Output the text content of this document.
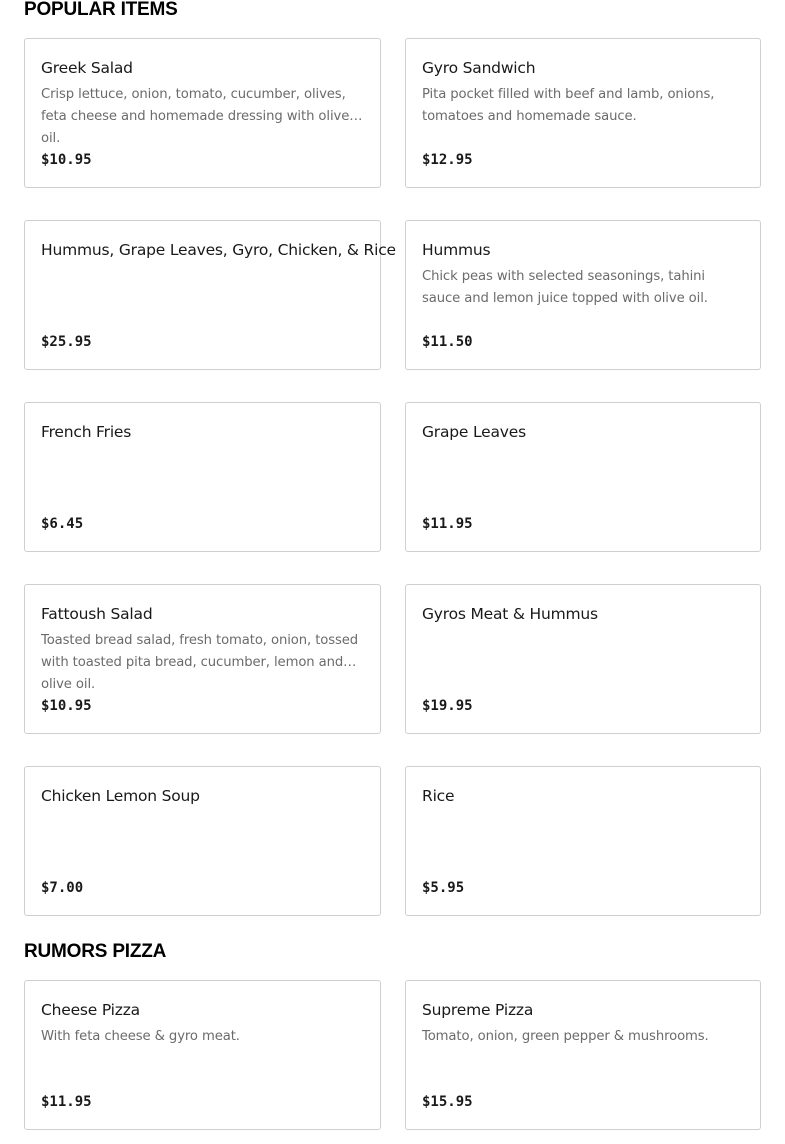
POPULAR ITEMS
Greek Salad
Crisp lettuce, onion, tomato, cucumber, olives, feta cheese and homemade dressing with olive oil.
$10.95
Gyro Sandwich
Pita pocket filled with beef and lamb, onions, tomatoes and homemade sauce.
$12.95
Hummus, Grape Leaves, Gyro, Chicken, & Rice
$25.95
Hummus
Chick peas with selected seasonings, tahini sauce and lemon juice topped with olive oil.
$11.50
French Fries
$6.45
Grape Leaves
$11.95
Fattoush Salad
Toasted bread salad, fresh tomato, onion, tossed with toasted pita bread, cucumber, lemon and olive oil.
$10.95
Gyros Meat & Hummus
$19.95
Chicken Lemon Soup
$7.00
Rice
$5.95
RUMORS PIZZA
Cheese Pizza
With feta cheese & gyro meat.
$11.95
Supreme Pizza
Tomato, onion, green pepper & mushrooms.
$15.95
